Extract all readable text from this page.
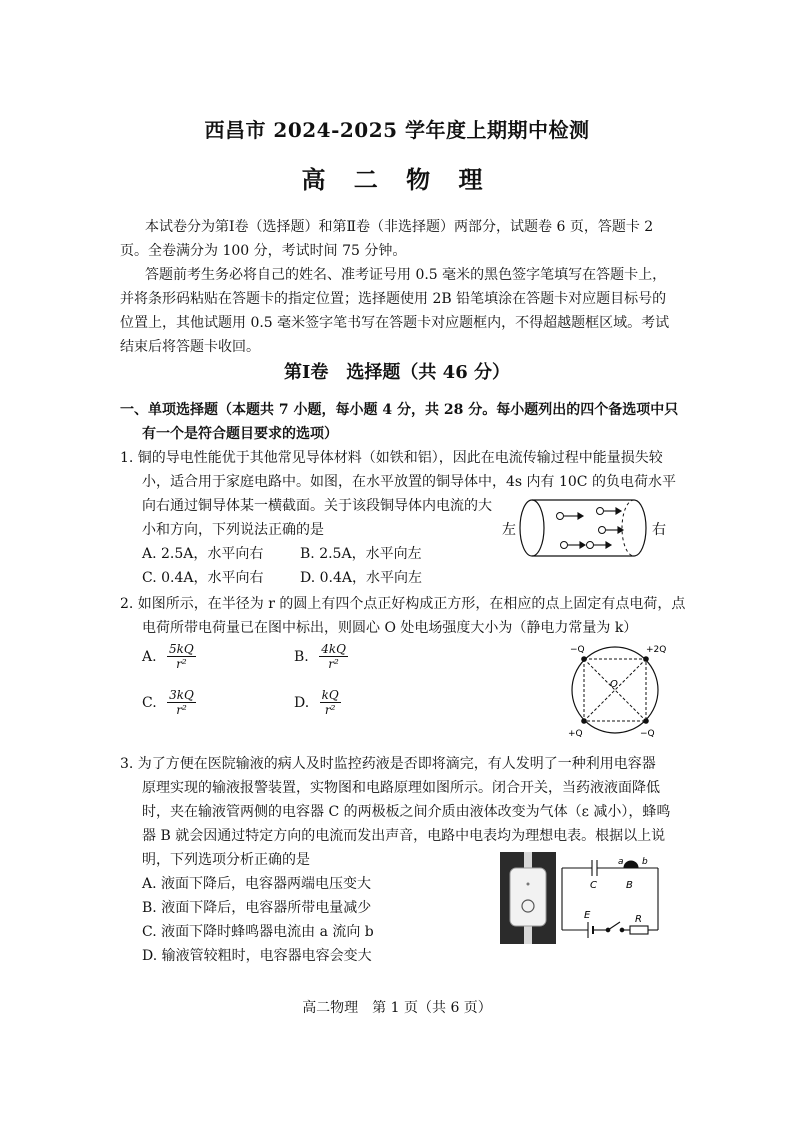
西昌市 2024-2025 学年度上期期中检测
高 二 物 理
本试卷分为第Ⅰ卷（选择题）和第Ⅱ卷（非选择题）两部分，试题卷 6 页，答题卡 2
页。全卷满分为 100 分，考试时间 75 分钟。
答题前考生务必将自己的姓名、准考证号用 0.5 毫米的黑色签字笔填写在答题卡上，
并将条形码粘贴在答题卡的指定位置；选择题使用 2B 铅笔填涂在答题卡对应题目标号的
位置上，其他试题用 0.5 毫米签字笔书写在答题卡对应题框内，不得超越题框区域。考试
结束后将答题卡收回。
第Ⅰ卷　选择题（共 46 分）
一、单项选择题（本题共 7 小题，每小题 4 分，共 28 分。每小题列出的四个备选项中只
有一个是符合题目要求的选项）
1. 铜的导电性能优于其他常见导体材料（如铁和铝），因此在电流传输过程中能量损失较
小，适合用于家庭电路中。如图，在水平放置的铜导体中，4s 内有 10C 的负电荷水平
向右通过铜导体某一横截面。关于该段铜导体内电流的大
小和方向，下列说法正确的是
A. 2.5A，水平向右	B. 2.5A，水平向左
C. 0.4A，水平向右	D. 0.4A，水平向左
左	右
2. 如图所示，在半径为 r 的圆上有四个点正好构成正方形，在相应的点上固定有点电荷，点
电荷所带电荷量已在图中标出，则圆心 O 处电场强度大小为（静电力常量为 k）
A. $\frac{5kQ}{\text{r²}}$	B. $\frac{4kQ}{\text{r²}}$
C. $\frac{3kQ}{\text{r²}}$	D. $\frac{kQ}{\text{r²}}$
−Q	+2Q
+Q	−Q
O
3. 为了方便在医院输液的病人及时监控药液是否即将滴完，有人发明了一种利用电容器
原理实现的输液报警装置，实物图和电路原理如图所示。闭合开关，当药液液面降低
时，夹在输液管两侧的电容器 C 的两极板之间介质由液体改变为气体（ε 减小），蜂鸣
器 B 就会因通过特定方向的电流而发出声音，电路中电表均为理想电表。根据以上说
明，下列选项分析正确的是
A. 液面下降后，电容器两端电压变大
B. 液面下降后，电容器所带电量减少
C. 液面下降时蜂鸣器电流由 a 流向 b
D. 输液管较粗时，电容器电容会变大
a b
C	B
E	R
高二物理　第 1 页（共 6 页）
